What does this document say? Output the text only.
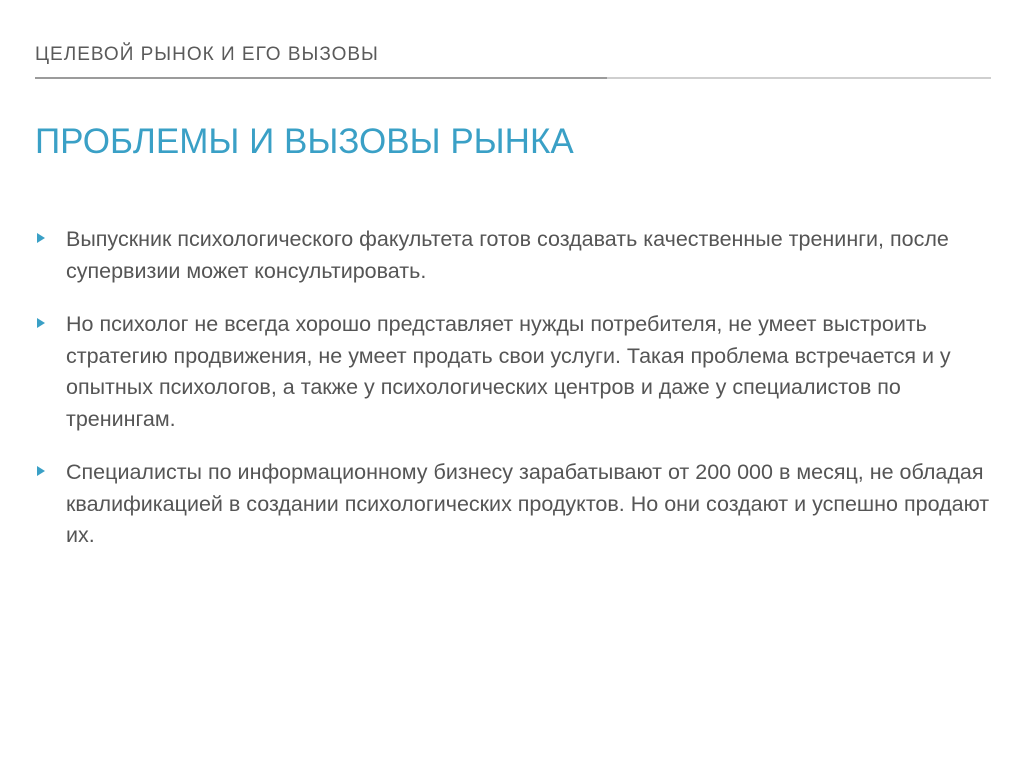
ЦЕЛЕВОЙ РЫНОК И ЕГО ВЫЗОВЫ
ПРОБЛЕМЫ И ВЫЗОВЫ РЫНКА
Выпускник психологического факультета готов создавать качественные тренинги, после супервизии может консультировать.
Но психолог не всегда хорошо представляет нужды потребителя, не умеет выстроить стратегию продвижения, не умеет продать свои услуги. Такая проблема встречается и у опытных психологов, а также у психологических центров и даже у специалистов по тренингам.
Специалисты по информационному бизнесу зарабатывают от 200 000 в месяц, не обладая квалификацией в создании психологических продуктов. Но они создают и успешно продают их.
